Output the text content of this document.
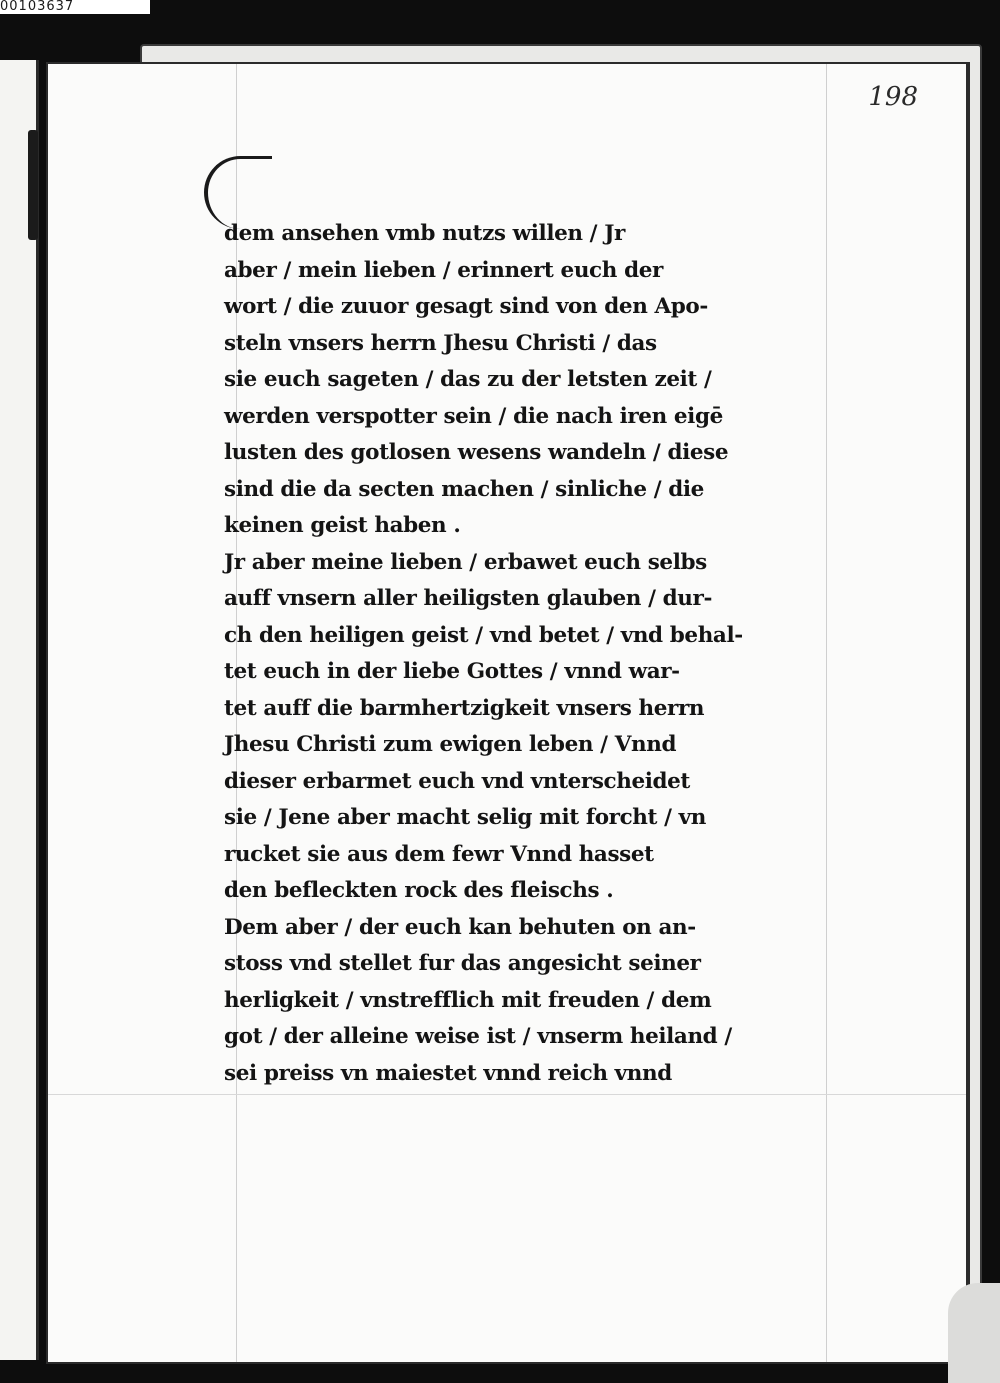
00103637
198

dem ansehen vmb nutzs willen / Jr

aber / mein lieben / erinnert euch der

wort / die zuuor gesagt sind von den Apo-

steln vnsers herrn Jhesu Christi / das

sie euch sageten / das zu der letsten zeit /

werden verspotter sein / die nach iren eigē

lusten des gotlosen wesens wandeln / diese

sind die da secten machen / sinliche / die

keinen geist haben .

Jr aber meine lieben / erbawet euch selbs

auff vnsern aller heiligsten glauben / dur-

ch den heiligen geist / vnd betet / vnd behal-

tet euch in der liebe Gottes / vnnd war-

tet auff die barmhertzigkeit vnsers herrn

Jhesu Christi zum ewigen leben / Vnnd

dieser erbarmet euch vnd vnterscheidet

sie / Jene aber macht selig mit forcht / vn

rucket sie aus dem fewr Vnnd hasset

den befleckten rock des fleischs .

Dem aber / der euch kan behuten on an-

stoss vnd stellet fur das angesicht seiner

herligkeit / vnstrefflich mit freuden / dem

got / der alleine weise ist / vnserm heiland /

sei preiss vn maiestet vnnd reich vnnd
